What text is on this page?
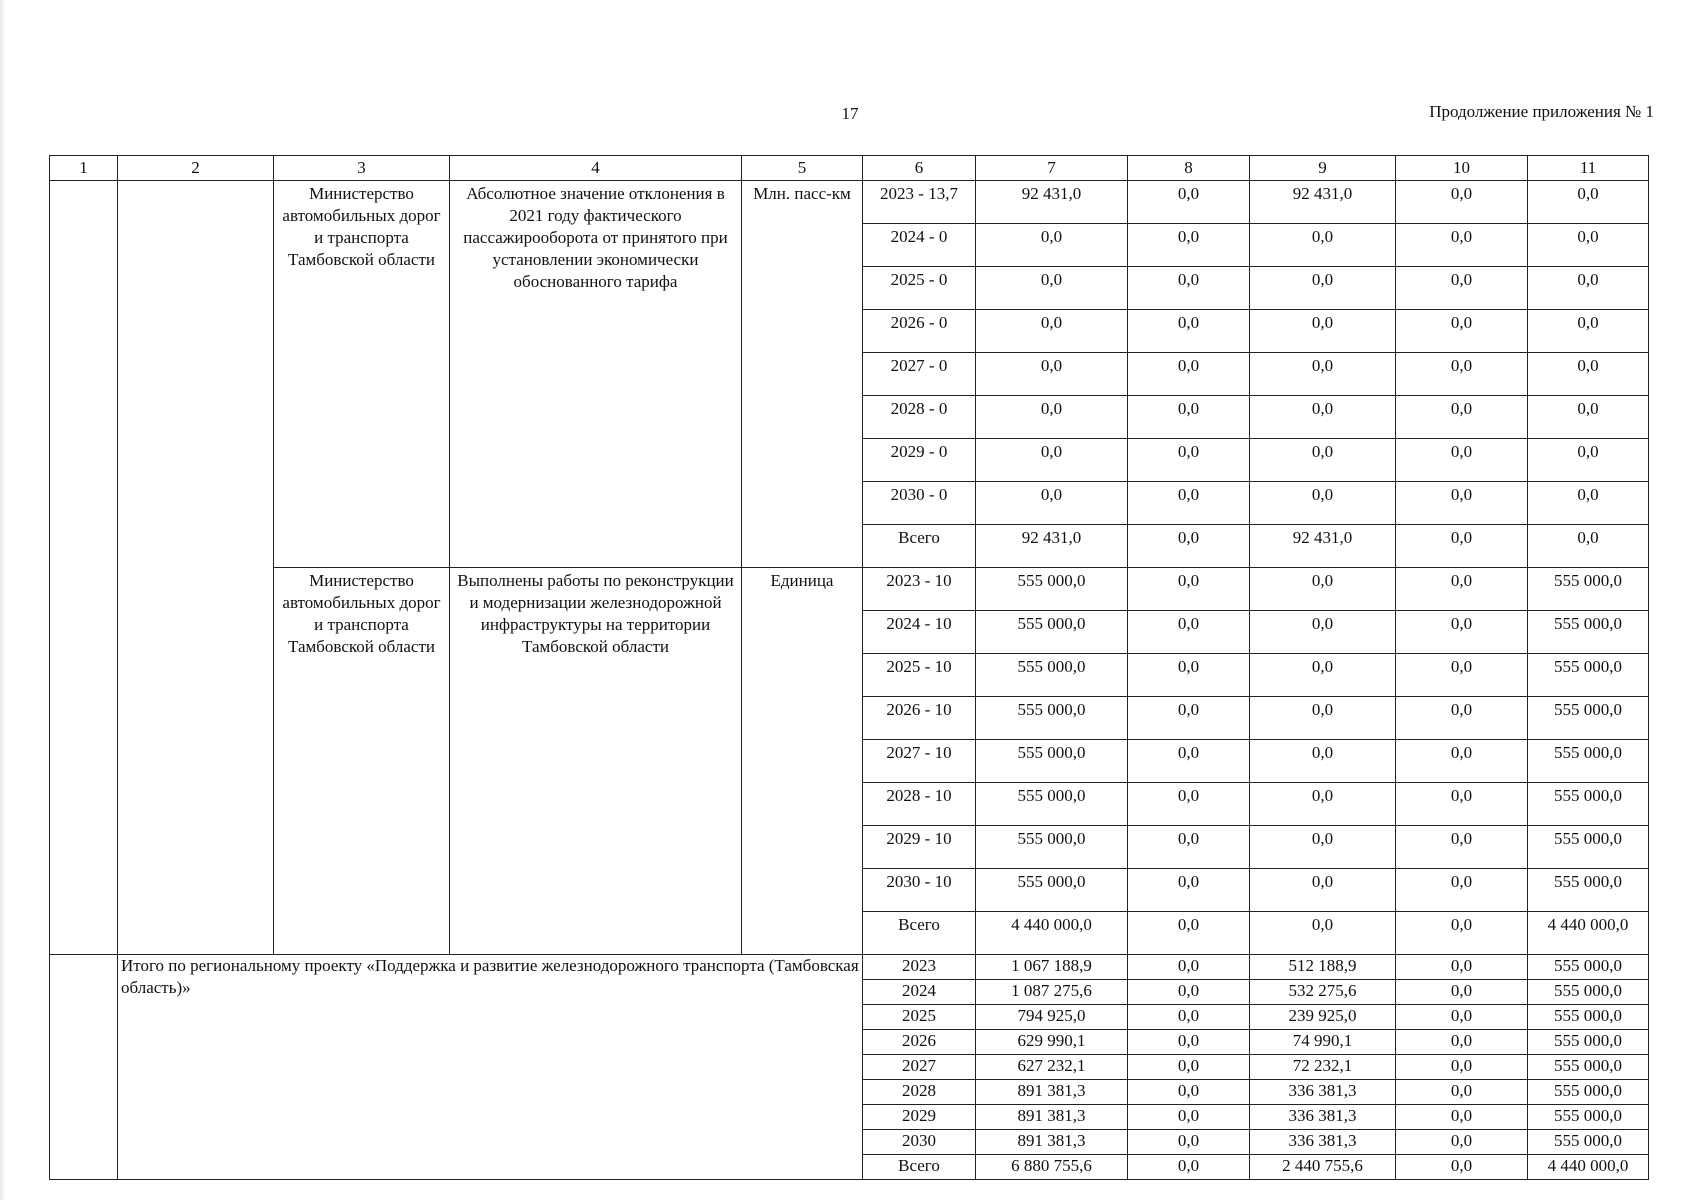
17	Продолжение приложения № 1
1	2	3	4	5	6	7	8	9	10	11
		Министерство автомобильных дорог и транспорта Тамбовской области	Абсолютное значение отклонения в 2021 году фактического пассажирооборота от принятого при установлении экономически обоснованного тарифа	Млн. пасс-км	2023 - 13,7	92 431,0	0,0	92 431,0	0,0	0,0
					2024 - 0	0,0	0,0	0,0	0,0	0,0
					2025 - 0	0,0	0,0	0,0	0,0	0,0
					2026 - 0	0,0	0,0	0,0	0,0	0,0
					2027 - 0	0,0	0,0	0,0	0,0	0,0
					2028 - 0	0,0	0,0	0,0	0,0	0,0
					2029 - 0	0,0	0,0	0,0	0,0	0,0
					2030 - 0	0,0	0,0	0,0	0,0	0,0
					Всего	92 431,0	0,0	92 431,0	0,0	0,0
		Министерство автомобильных дорог и транспорта Тамбовской области	Выполнены работы по реконструкции и модернизации железнодорожной инфраструктуры на территории Тамбовской области	Единица	2023 - 10	555 000,0	0,0	0,0	0,0	555 000,0
					2024 - 10	555 000,0	0,0	0,0	0,0	555 000,0
					2025 - 10	555 000,0	0,0	0,0	0,0	555 000,0
					2026 - 10	555 000,0	0,0	0,0	0,0	555 000,0
					2027 - 10	555 000,0	0,0	0,0	0,0	555 000,0
					2028 - 10	555 000,0	0,0	0,0	0,0	555 000,0
					2029 - 10	555 000,0	0,0	0,0	0,0	555 000,0
					2030 - 10	555 000,0	0,0	0,0	0,0	555 000,0
					Всего	4 440 000,0	0,0	0,0	0,0	4 440 000,0
	Итого по региональному проекту «Поддержка и развитие железнодорожного транспорта (Тамбовская область)»				2023	1 067 188,9	0,0	512 188,9	0,0	555 000,0
					2024	1 087 275,6	0,0	532 275,6	0,0	555 000,0
					2025	794 925,0	0,0	239 925,0	0,0	555 000,0
					2026	629 990,1	0,0	74 990,1	0,0	555 000,0
					2027	627 232,1	0,0	72 232,1	0,0	555 000,0
					2028	891 381,3	0,0	336 381,3	0,0	555 000,0
					2029	891 381,3	0,0	336 381,3	0,0	555 000,0
					2030	891 381,3	0,0	336 381,3	0,0	555 000,0
					Всего	6 880 755,6	0,0	2 440 755,6	0,0	4 440 000,0
